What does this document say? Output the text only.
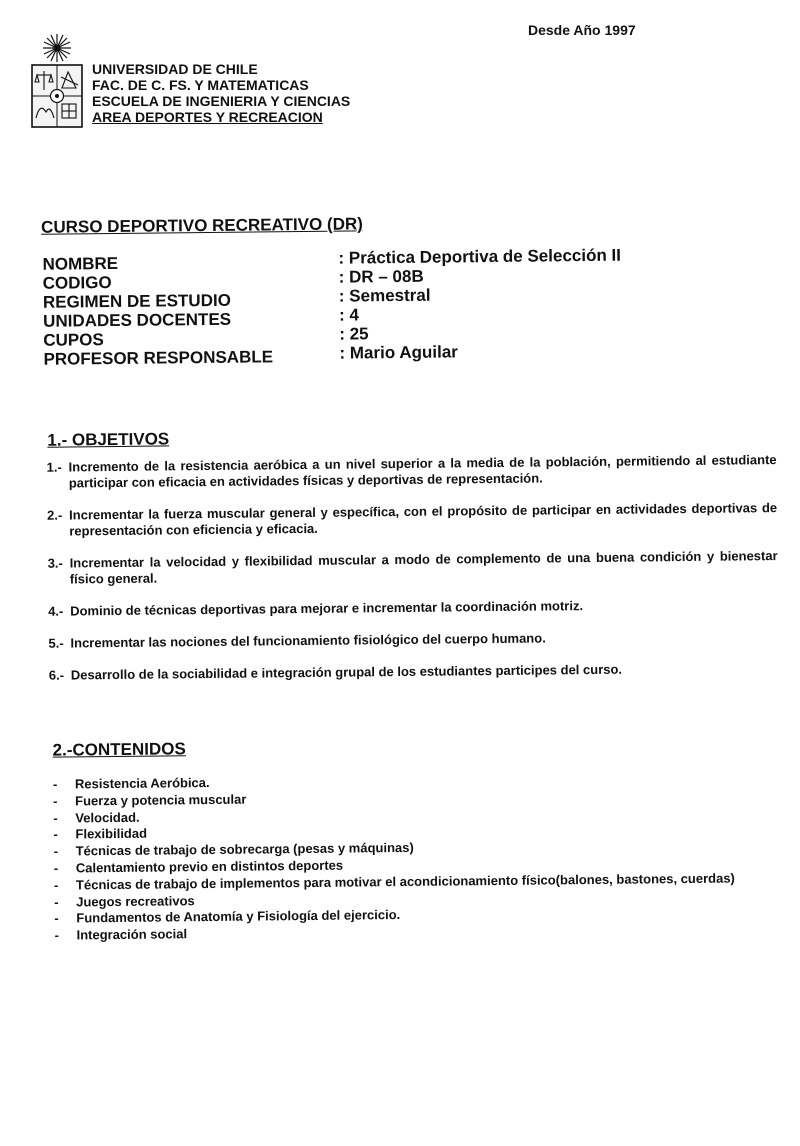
Desde Año 1997
UNIVERSIDAD DE CHILE
FAC. DE C. FS. Y MATEMATICAS
ESCUELA DE INGENIERIA Y CIENCIAS
AREA DEPORTES Y RECREACION
CURSO DEPORTIVO RECREATIVO (DR)
NOMBRE	: Práctica Deportiva de Selección II
CODIGO	: DR – 08B
REGIMEN DE ESTUDIO	: Semestral
UNIDADES DOCENTES	: 4
CUPOS	: 25
PROFESOR RESPONSABLE	: Mario Aguilar
1.- OBJETIVOS
1.- Incremento de la resistencia aeróbica a un nivel superior a la media de la población, permitiendo al estudiante participar con eficacia en actividades físicas y deportivas de representación.
2.- Incrementar la fuerza muscular general y específica, con el propósito de participar en actividades deportivas de representación con eficiencia y eficacia.
3.- Incrementar la velocidad y flexibilidad muscular a modo de complemento de una buena condición y bienestar físico general.
4.- Dominio de técnicas deportivas para mejorar e incrementar la coordinación motriz.
5.- Incrementar las nociones del funcionamiento fisiológico del cuerpo humano.
6.- Desarrollo de la sociabilidad e integración grupal de los estudiantes participes del curso.
2.-CONTENIDOS
- Resistencia Aeróbica.
- Fuerza y potencia muscular
- Velocidad.
- Flexibilidad
- Técnicas de trabajo de sobrecarga (pesas y máquinas)
- Calentamiento previo en distintos deportes
- Técnicas de trabajo de implementos para motivar el acondicionamiento físico(balones, bastones, cuerdas)
- Juegos recreativos
- Fundamentos de Anatomía y Fisiología del ejercicio.
- Integración social
